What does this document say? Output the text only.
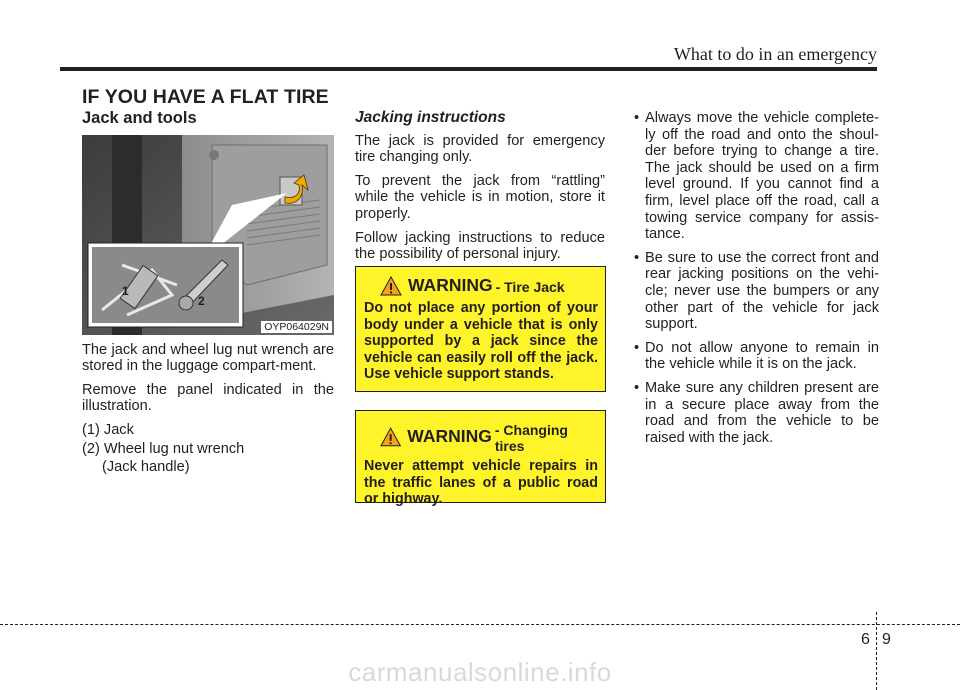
What to do in an emergency
IF YOU HAVE A FLAT TIRE
Jack and tools
1
2
OYP064029N

The jack and wheel lug nut wrench are stored in the luggage compart-ment.

Remove the panel indicated in the illustration.

(1) Jack

(2) Wheel lug nut wrench

(Jack handle)

Jacking instructions

The jack is provided for emergency tire changing only.

To prevent the jack from “rattling” while the vehicle is in motion, store it properly.

Follow jacking instructions to reduce the possibility of personal injury.

WARNING - Tire Jack
Do not place any portion of your body under a vehicle that is only supported by a jack since the vehicle can easily roll off the jack. Use vehicle support stands.
WARNING - Changing tires
Never attempt vehicle repairs in the traffic lanes of a public road or highway.
• Always move the vehicle complete-ly off the road and onto the shoul-der before trying to change a tire. The jack should be used on a firm level ground. If you cannot find a firm, level place off the road, call a towing service company for assis-tance.
• Be sure to use the correct front and rear jacking positions on the vehi-cle; never use the bumpers or any other part of the vehicle for jack support.
• Do not allow anyone to remain in the vehicle while it is on the jack.
• Make sure any children present are in a secure place away from the road and from the vehicle to be raised with the jack.
6 9
carmanualsonline.info
